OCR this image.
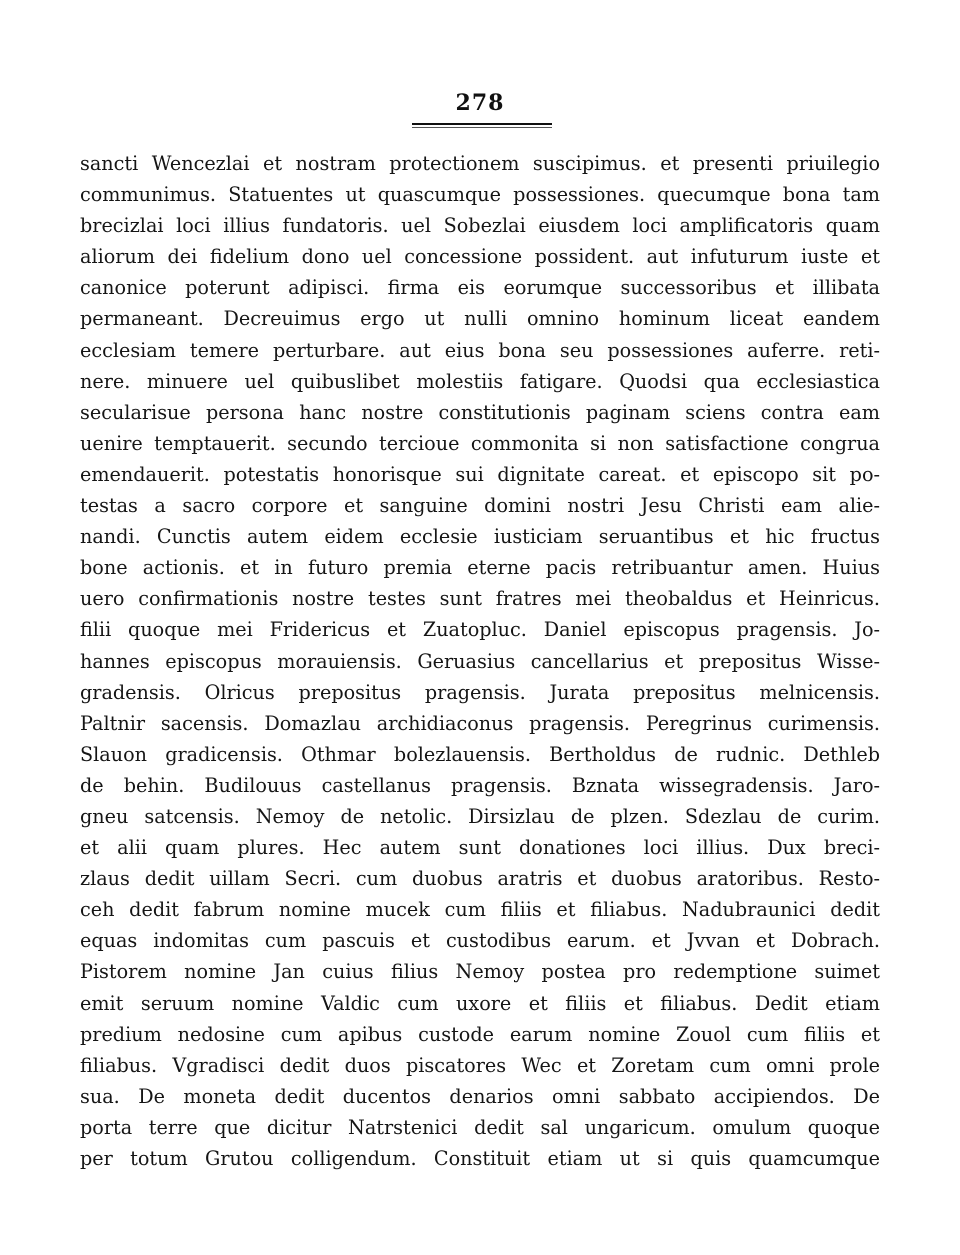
278
sancti Wencezlai et nostram protectionem suscipimus. et presenti priuilegio
communimus. Statuentes ut quascumque possessiones. quecumque bona tam
brecizlai loci illius fundatoris. uel Sobezlai eiusdem loci amplificatoris quam
aliorum dei fidelium dono uel concessione possident. aut infuturum iuste et
canonice poterunt adipisci. firma eis eorumque successoribus et illibata
permaneant. Decreuimus ergo ut nulli omnino hominum liceat eandem
ecclesiam temere perturbare. aut eius bona seu possessiones auferre. reti-
nere. minuere uel quibuslibet molestiis fatigare. Quodsi qua ecclesiastica
secularisue persona hanc nostre constitutionis paginam sciens contra eam
uenire temptauerit. secundo tercioue commonita si non satisfactione congrua
emendauerit. potestatis honorisque sui dignitate careat. et episcopo sit po-
testas a sacro corpore et sanguine domini nostri Jesu Christi eam alie-
nandi. Cunctis autem eidem ecclesie iusticiam seruantibus et hic fructus
bone actionis. et in futuro premia eterne pacis retribuantur amen. Huius
uero confirmationis nostre testes sunt fratres mei theobaldus et Heinricus.
filii quoque mei Fridericus et Zuatopluc. Daniel episcopus pragensis. Jo-
hannes episcopus morauiensis. Geruasius cancellarius et prepositus Wisse-
gradensis. Olricus prepositus pragensis. Jurata prepositus melnicensis.
Paltnir sacensis. Domazlau archidiaconus pragensis. Peregrinus curimensis.
Slauon gradicensis. Othmar bolezlauensis. Bertholdus de rudnic. Dethleb
de behin. Budilouus castellanus pragensis. Bznata wissegradensis. Jaro-
gneu satcensis. Nemoy de netolic. Dirsizlau de plzen. Sdezlau de curim.
et alii quam plures. Hec autem sunt donationes loci illius. Dux breci-
zlaus dedit uillam Secri. cum duobus aratris et duobus aratoribus. Resto-
ceh dedit fabrum nomine mucek cum filiis et filiabus. Nadubraunici dedit
equas indomitas cum pascuis et custodibus earum. et Jvvan et Dobrach.
Pistorem nomine Jan cuius filius Nemoy postea pro redemptione suimet
emit seruum nomine Valdic cum uxore et filiis et filiabus. Dedit etiam
predium nedosine cum apibus custode earum nomine Zouol cum filiis et
filiabus. Vgradisci dedit duos piscatores Wec et Zoretam cum omni prole
sua. De moneta dedit ducentos denarios omni sabbato accipiendos. De
porta terre que dicitur Natrstenici dedit sal ungaricum. omulum quoque
per totum Grutou colligendum. Constituit etiam ut si quis quamcumque
